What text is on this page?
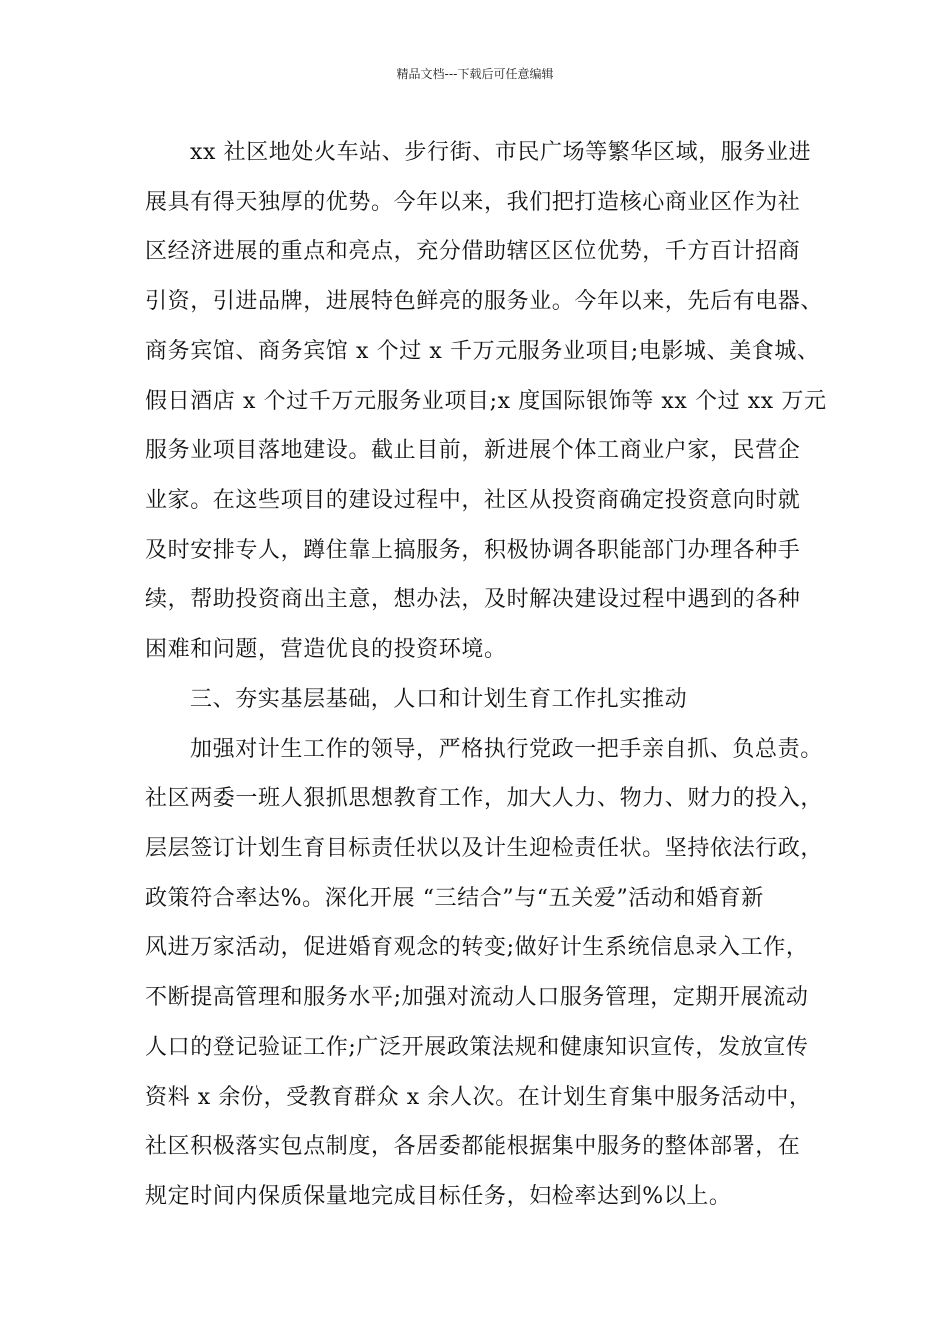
精品文档---下载后可任意编辑
xx 社区地处火车站、步行街、市民广场等繁华区域，服务业进
展具有得天独厚的优势。今年以来，我们把打造核心商业区作为社
区经济进展的重点和亮点，充分借助辖区区位优势，千方百计招商
引资，引进品牌，进展特色鲜亮的服务业。今年以来，先后有电器、
商务宾馆、商务宾馆 x 个过 x 千万元服务业项目;电影城、美食城、
假日酒店 x 个过千万元服务业项目;x 度国际银饰等 xx 个过 xx 万元
服务业项目落地建设。截止目前，新进展个体工商业户家，民营企
业家。在这些项目的建设过程中，社区从投资商确定投资意向时就
及时安排专人，蹲住靠上搞服务，积极协调各职能部门办理各种手
续，帮助投资商出主意，想办法，及时解决建设过程中遇到的各种
困难和问题，营造优良的投资环境。
三、夯实基层基础，人口和计划生育工作扎实推动
加强对计生工作的领导，严格执行党政一把手亲自抓、负总责。
社区两委一班人狠抓思想教育工作，加大人力、物力、财力的投入，
层层签订计划生育目标责任状以及计生迎检责任状。坚持依法行政，
政策符合率达%。深化开展 “三结合”与“五关爱”活动和婚育新
风进万家活动，促进婚育观念的转变;做好计生系统信息录入工作，
不断提高管理和服务水平;加强对流动人口服务管理，定期开展流动
人口的登记验证工作;广泛开展政策法规和健康知识宣传，发放宣传
资料 x 余份，受教育群众 x 余人次。在计划生育集中服务活动中，
社区积极落实包点制度，各居委都能根据集中服务的整体部署，在
规定时间内保质保量地完成目标任务，妇检率达到%以上。
